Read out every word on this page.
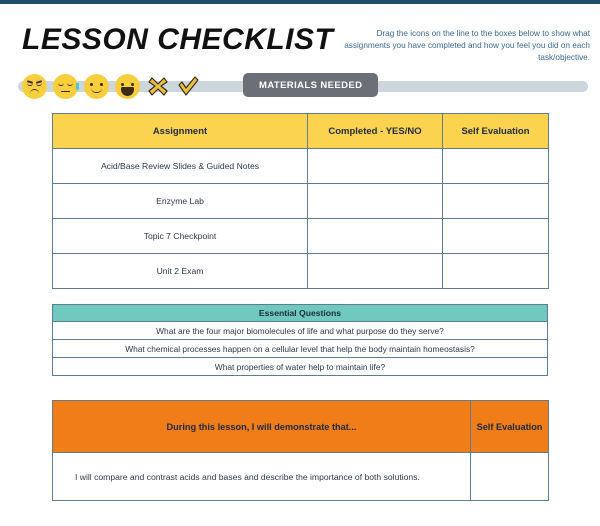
LESSON CHECKLIST	Drag the icons on the line to the boxes below to show what assignments you have completed and how you feel you did on each task/objective.
MATERIALS NEEDED
Assignment	Completed - YES/NO	Self Evaluation
Acid/Base Review Slides & Guided Notes		
Enzyme Lab		
Topic 7 Checkpoint		
Unit 2 Exam		
Essential Questions
What are the four major biomolecules of life and what purpose do they serve?
What chemical processes happen on a cellular level that help the body maintain homeostasis?
What properties of water help to maintain life?
During this lesson, I will demonstrate that...	Self Evaluation
I will compare and contrast acids and bases and describe the importance of both solutions.	
